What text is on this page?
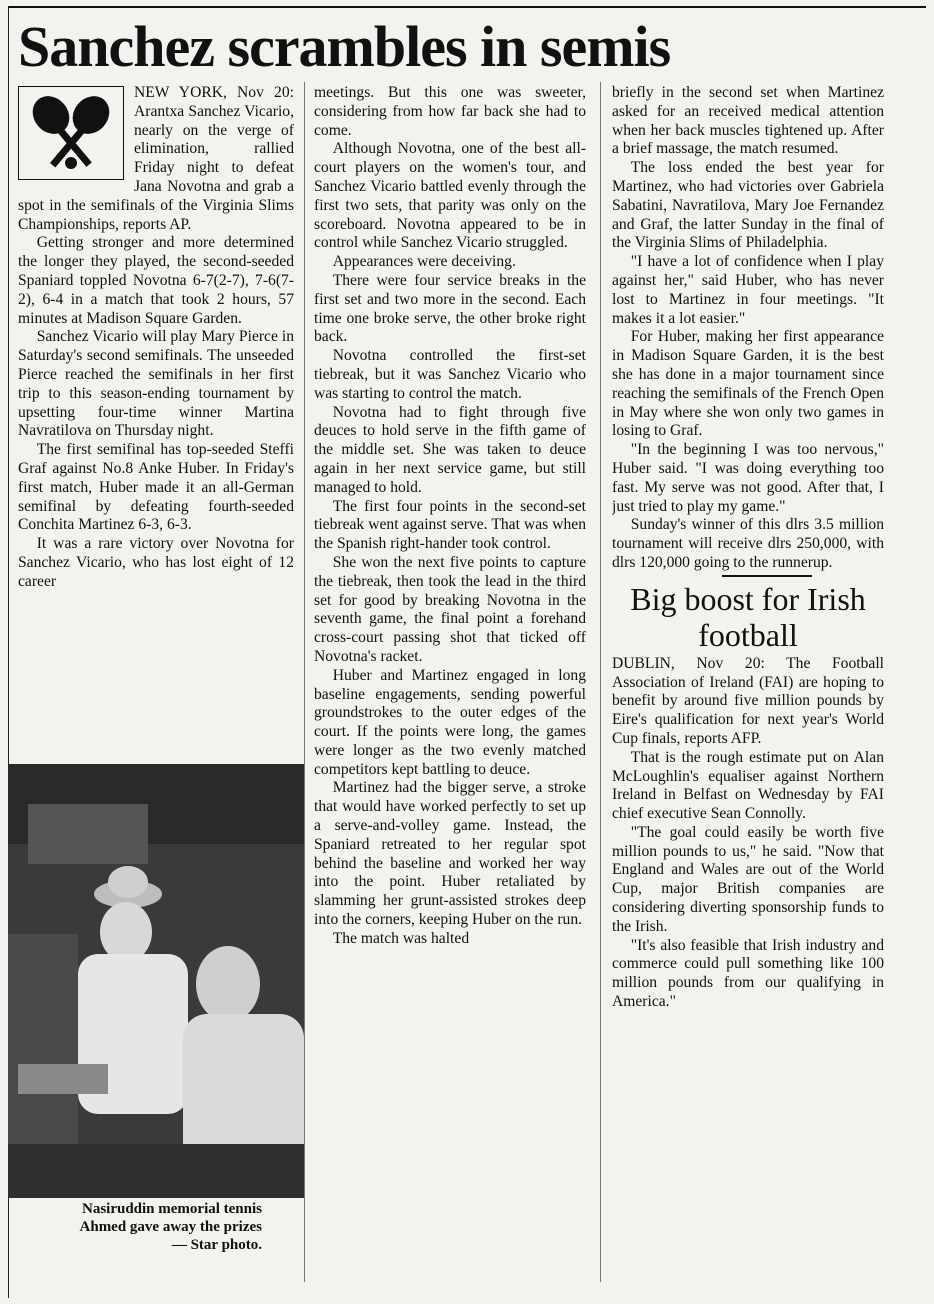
Sanchez scrambles in semis

NEW YORK, Nov 20: Arantxa Sanchez Vicario, nearly on the verge of elimination, rallied Friday night to defeat Jana Novotna and grab a spot in the semifinals of the Virginia Slims Championships, reports AP.

Getting stronger and more determined the longer they played, the second-seeded Spaniard toppled Novotna 6-7(2-7), 7-6(7-2), 6-4 in a match that took 2 hours, 57 minutes at Madison Square Garden.

Sanchez Vicario will play Mary Pierce in Saturday's second semifinals. The unseeded Pierce reached the semifinals in her first trip to this season-ending tournament by upsetting four-time winner Martina Navratilova on Thursday night.

The first semifinal has top-seeded Steffi Graf against No.8 Anke Huber. In Friday's first match, Huber made it an all-German semifinal by defeating fourth-seeded Conchita Martinez 6-3, 6-3.

It was a rare victory over Novotna for Sanchez Vicario, who has lost eight of 12 career

Nasiruddin memorial tennis
Ahmed gave away the prizes
— Star photo.

meetings. But this one was sweeter, considering from how far back she had to come.

Although Novotna, one of the best all-court players on the women's tour, and Sanchez Vicario battled evenly through the first two sets, that parity was only on the scoreboard. Novotna appeared to be in control while Sanchez Vicario struggled.

Appearances were deceiving.

There were four service breaks in the first set and two more in the second. Each time one broke serve, the other broke right back.

Novotna controlled the first-set tiebreak, but it was Sanchez Vicario who was starting to control the match.

Novotna had to fight through five deuces to hold serve in the fifth game of the middle set. She was taken to deuce again in her next service game, but still managed to hold.

The first four points in the second-set tiebreak went against serve. That was when the Spanish right-hander took control.

She won the next five points to capture the tiebreak, then took the lead in the third set for good by breaking Novotna in the seventh game, the final point a forehand cross-court passing shot that ticked off Novotna's racket.

Huber and Martinez engaged in long baseline engagements, sending powerful groundstrokes to the outer edges of the court. If the points were long, the games were longer as the two evenly matched competitors kept battling to deuce.

Martinez had the bigger serve, a stroke that would have worked perfectly to set up a serve-and-volley game. Instead, the Spaniard retreated to her regular spot behind the baseline and worked her way into the point. Huber retaliated by slamming her grunt-assisted strokes deep into the corners, keeping Huber on the run.

The match was halted

briefly in the second set when Martinez asked for an received medical attention when her back muscles tightened up. After a brief massage, the match resumed.

The loss ended the best year for Martinez, who had victories over Gabriela Sabatini, Navratilova, Mary Joe Fernandez and Graf, the latter Sunday in the final of the Virginia Slims of Philadelphia.

"I have a lot of confidence when I play against her," said Huber, who has never lost to Martinez in four meetings. "It makes it a lot easier."

For Huber, making her first appearance in Madison Square Garden, it is the best she has done in a major tournament since reaching the semifinals of the French Open in May where she won only two games in losing to Graf.

"In the beginning I was too nervous," Huber said. "I was doing everything too fast. My serve was not good. After that, I just tried to play my game."

Sunday's winner of this dlrs 3.5 million tournament will receive dlrs 250,000, with dlrs 120,000 going to the runnerup.

Big boost for Irish football

DUBLIN, Nov 20: The Football Association of Ireland (FAI) are hoping to benefit by around five million pounds by Eire's qualification for next year's World Cup finals, reports AFP.

That is the rough estimate put on Alan McLoughlin's equaliser against Northern Ireland in Belfast on Wednesday by FAI chief executive Sean Connolly.

"The goal could easily be worth five million pounds to us," he said. "Now that England and Wales are out of the World Cup, major British companies are considering diverting sponsorship funds to the Irish.

"It's also feasible that Irish industry and commerce could pull something like 100 million pounds from our qualifying in America."
